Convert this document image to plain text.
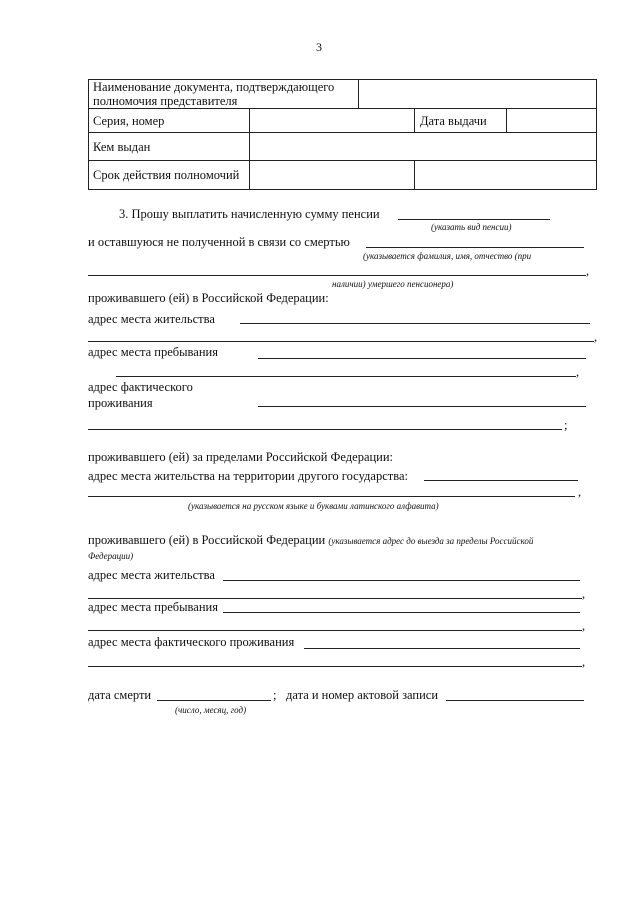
3
Наименование документа, подтверждающего полномочия представителя
Серия, номер	Дата выдачи
Кем выдан
Срок действия полномочий
3. Прошу выплатить начисленную сумму пенсии
(указать вид пенсии)
и оставшуюся не полученной в связи со смертью
(указывается фамилия, имя, отчество (при
,
наличии) умершего пенсионера)
проживавшего (ей) в Российской Федерации:
адрес места жительства
,
адрес места пребывания
,
адрес фактического
проживания
;
проживавшего (ей) за пределами Российской Федерации:
адрес места жительства на территории другого государства:
,
(указывается на русском языке и буквами латинского алфавита)
проживавшего (ей) в Российской Федерации (указывается адрес до выезда за пределы Российской
Федерации)
адрес места жительства
,
адрес места пребывания
,
адрес места фактического проживания
,
дата смерти	; дата и номер актовой записи
(число, месяц, год)
